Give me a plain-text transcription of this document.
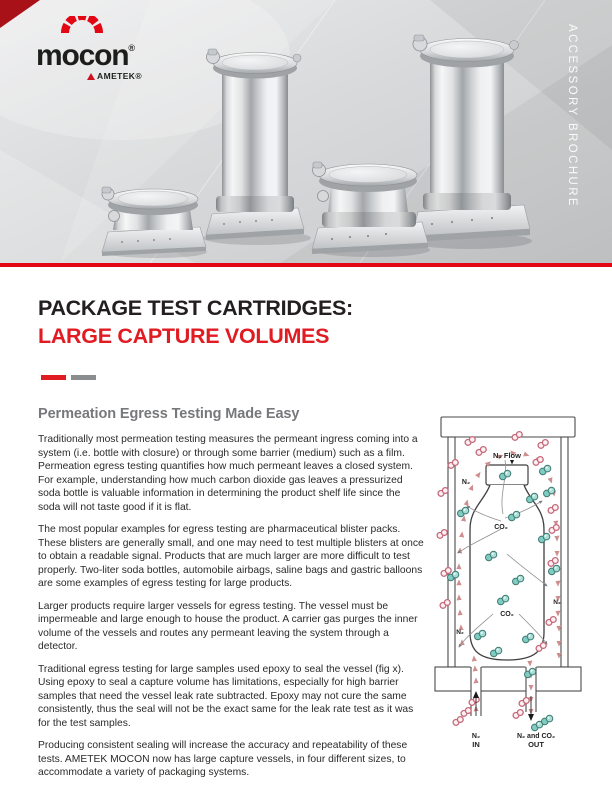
mocon®
AMETEK®	ACCESSORY BROCHURE
PACKAGE TEST CARTRIDGES:
LARGE CAPTURE VOLUMES
Permeation Egress Testing Made Easy

Traditionally most permeation testing measures the permeant ingress coming into a system (i.e. bottle with closure) or through some barrier (medium) such as a film. Permeation egress testing quantifies how much permeant leaves a closed system. For example, understanding how much carbon dioxide gas leaves a pressurized soda bottle is valuable information in determining the product shelf life since the soda will not taste good if it is flat.

The most popular examples for egress testing are pharmaceutical blister packs. These blisters are generally small, and one may need to test multiple blisters at once to obtain a readable signal. Products that are much larger are more difficult to test properly. Two-liter soda bottles, automobile airbags, saline bags and gastric balloons are some examples of egress testing for large products.

Larger products require larger vessels for egress testing. The vessel must be impermeable and large enough to house the product. A carrier gas purges the inner volume of the vessels and routes any permeant leaving the system through a detector.

Traditional egress testing for large samples used epoxy to seal the vessel (fig x). Using epoxy to seal a capture volume has limitations, especially for high barrier samples that need the vessel leak rate subtracted. Epoxy may not cure the same consistently, thus the seal will not be the exact same for the leak rate test as it was for the test samples.

Producing consistent sealing will increase the accuracy and repeatability of these tests. AMETEK MOCON now has large capture vessels, in four different sizes, to accommodate a variety of packaging systems.

N₂ Flow
N₂
CO₂
CO₂
N₂
N₂
N₂
IN
N₂ and CO₂
OUT
